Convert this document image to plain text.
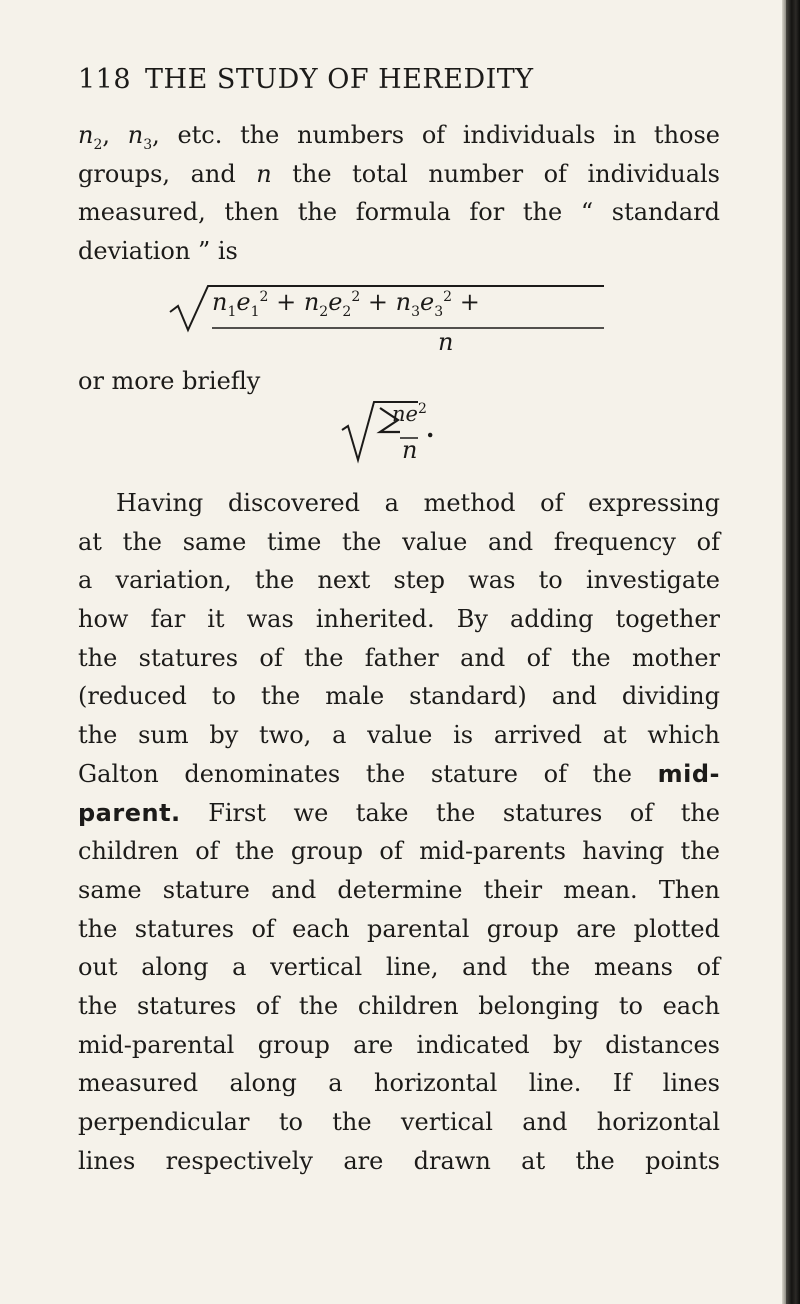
118 THE STUDY OF HEREDITY
$n_2$, $n_3$, etc. the numbers of individuals in those
groups, and n the total number of individuals
measured, then the formula for the “ standard
deviation ” is
$n_1e_1^2 + n_2e_2^2 + n_3e_3^2$ +
n
or more briefly
$ne^2$
n
.
Having discovered a method of expressing
at the same time the value and frequency of
a variation, the next step was to investigate
how far it was inherited. By adding together
the statures of the father and of the mother
(reduced to the male standard) and dividing
the sum by two, a value is arrived at which
Galton denominates the stature of the mid-
parent. First we take the statures of the
children of the group of mid-parents having the
same stature and determine their mean. Then
the statures of each parental group are plotted
out along a vertical line, and the means of
the statures of the children belonging to each
mid-parental group are indicated by distances
measured along a horizontal line. If lines
perpendicular to the vertical and horizontal
lines respectively are drawn at the points
